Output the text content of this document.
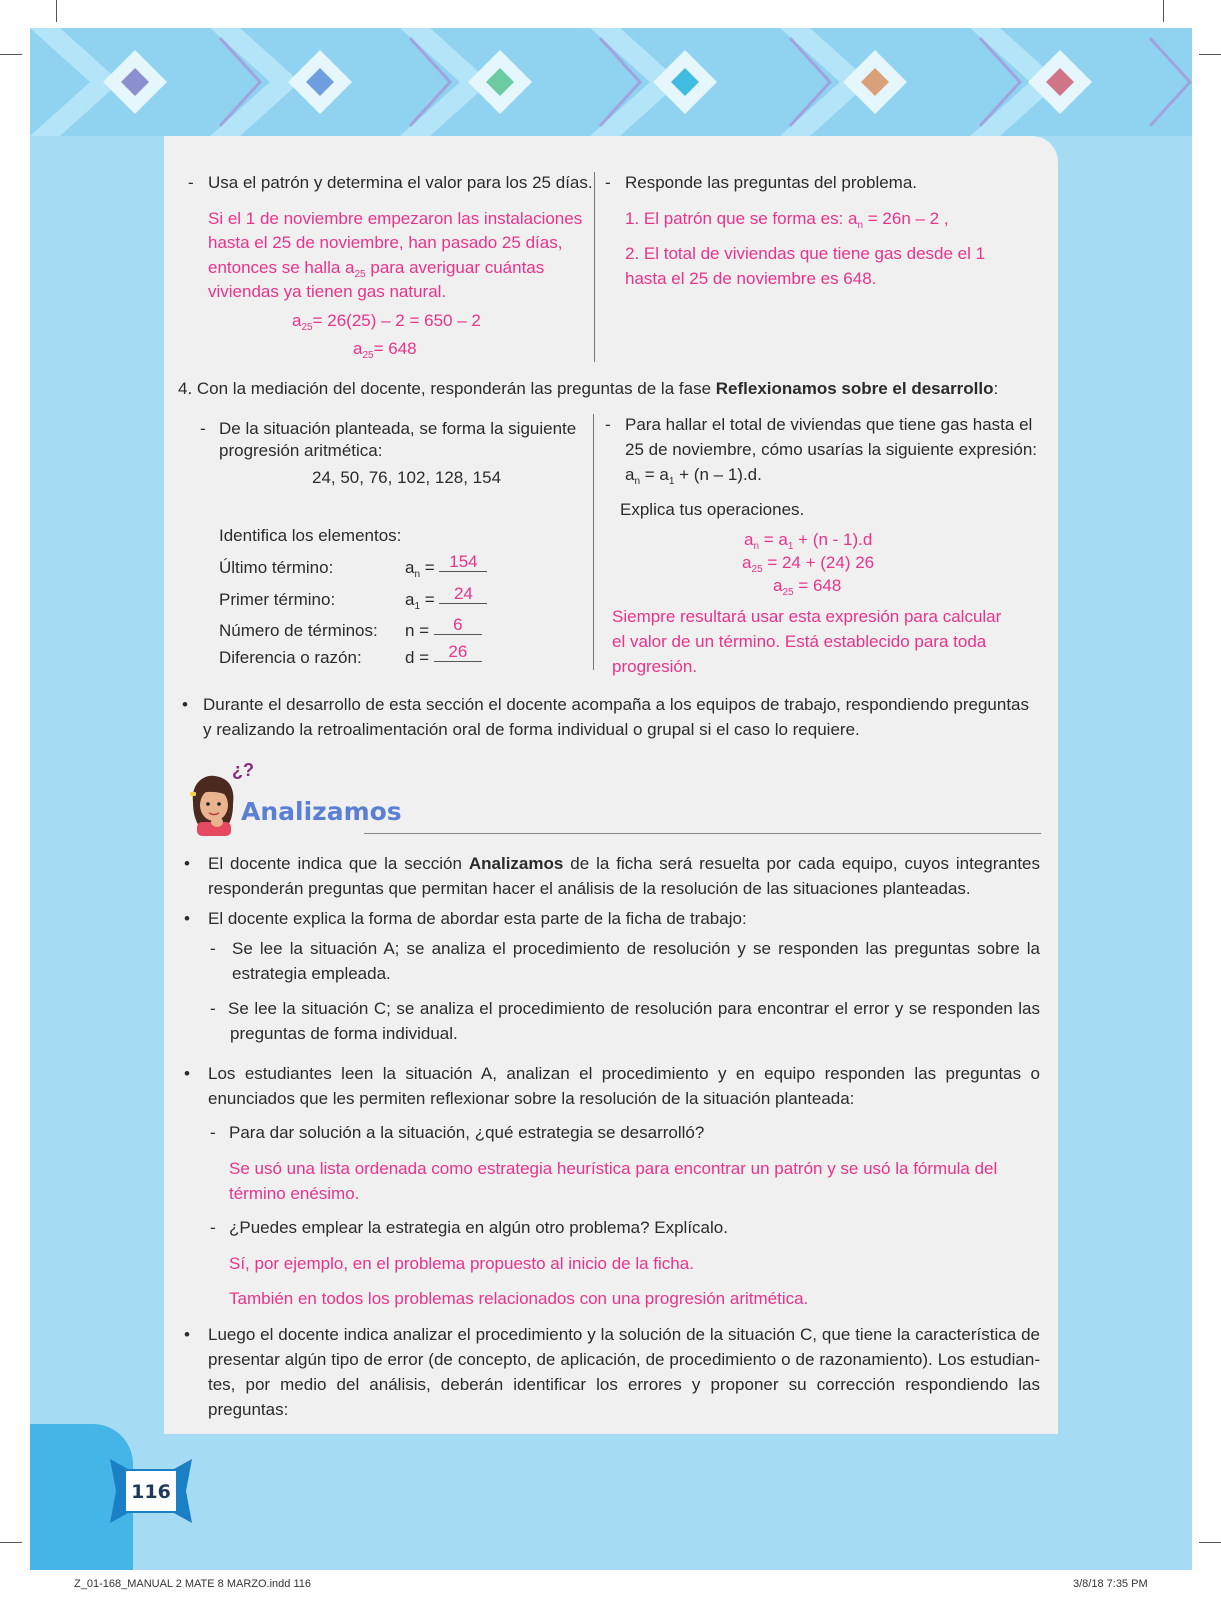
116
- Usa el patrón y determina el valor para los 25 días.
Si el 1 de noviembre empezaron las instalaciones
hasta el 25 de noviembre, han pasado 25 días,
entonces se halla $a_{25}$ para averiguar cuántas
viviendas ya tienen gas natural.
$a_{25}= 26(25) - 2 = 650 - 2$
$a_{25}= 648$
- Responde las preguntas del problema.
1. El patrón que se forma es: $a_n = 26n - 2$ ,
2. El total de viviendas que tiene gas desde el 1
hasta el 25 de noviembre es 648.
4. Con la mediación del docente, responderán las preguntas de la fase Reflexionamos sobre el desarrollo:
- De la situación planteada, se forma la siguiente
progresión aritmética:
24, 50, 76, 102, 128, 154
Identifica los elementos:
Último término:	$a_n = 154$
Primer término:	$a_1 = 24$
Número de términos: n = 6
Diferencia o razón:	d = 26
- Para hallar el total de viviendas que tiene gas hasta el
25 de noviembre, cómo usarías la siguiente expresión:
$a_n = a_1 + (n - 1).d$.
Explica tus operaciones.
$a_n = a_1 + (n - 1).d$
$a_{25} = 24 + (24)$ 26
$a_{25} = 648$
Siempre resultará usar esta expresión para calcular
el valor de un término. Está establecido para toda
progresión.
• Durante el desarrollo de esta sección el docente acompaña a los equipos de trabajo, respondiendo preguntas
y realizando la retroalimentación oral de forma individual o grupal si el caso lo requiere.
¿?
Analizamos
• El docente indica que la sección Analizamos de la ficha será resuelta por cada equipo, cuyos integrantes
responderán preguntas que permitan hacer el análisis de la resolución de las situaciones planteadas.
• El docente explica la forma de abordar esta parte de la ficha de trabajo:
- Se lee la situación A; se analiza el procedimiento de resolución y se responden las preguntas sobre la
estrategia empleada.
- Se lee la situación C; se analiza el procedimiento de resolución para encontrar el error y se responden las
preguntas de forma individual.
• Los estudiantes leen la situación A, analizan el procedimiento y en equipo responden las preguntas o
enunciados que les permiten reflexionar sobre la resolución de la situación planteada:
- Para dar solución a la situación, ¿qué estrategia se desarrolló?
Se usó una lista ordenada como estrategia heurística para encontrar un patrón y se usó la fórmula del
término enésimo.
- ¿Puedes emplear la estrategia en algún otro problema? Explícalo.
Sí, por ejemplo, en el problema propuesto al inicio de la ficha.
También en todos los problemas relacionados con una progresión aritmética.
• Luego el docente indica analizar el procedimiento y la solución de la situación C, que tiene la característica de
presentar algún tipo de error (de concepto, de aplicación, de procedimiento o de razonamiento). Los estudian-
tes, por medio del análisis, deberán identificar los errores y proponer su corrección respondiendo las preguntas:
Z_01-168_MANUAL 2 MATE 8 MARZO.indd 116	3/8/18 7:35 PM
